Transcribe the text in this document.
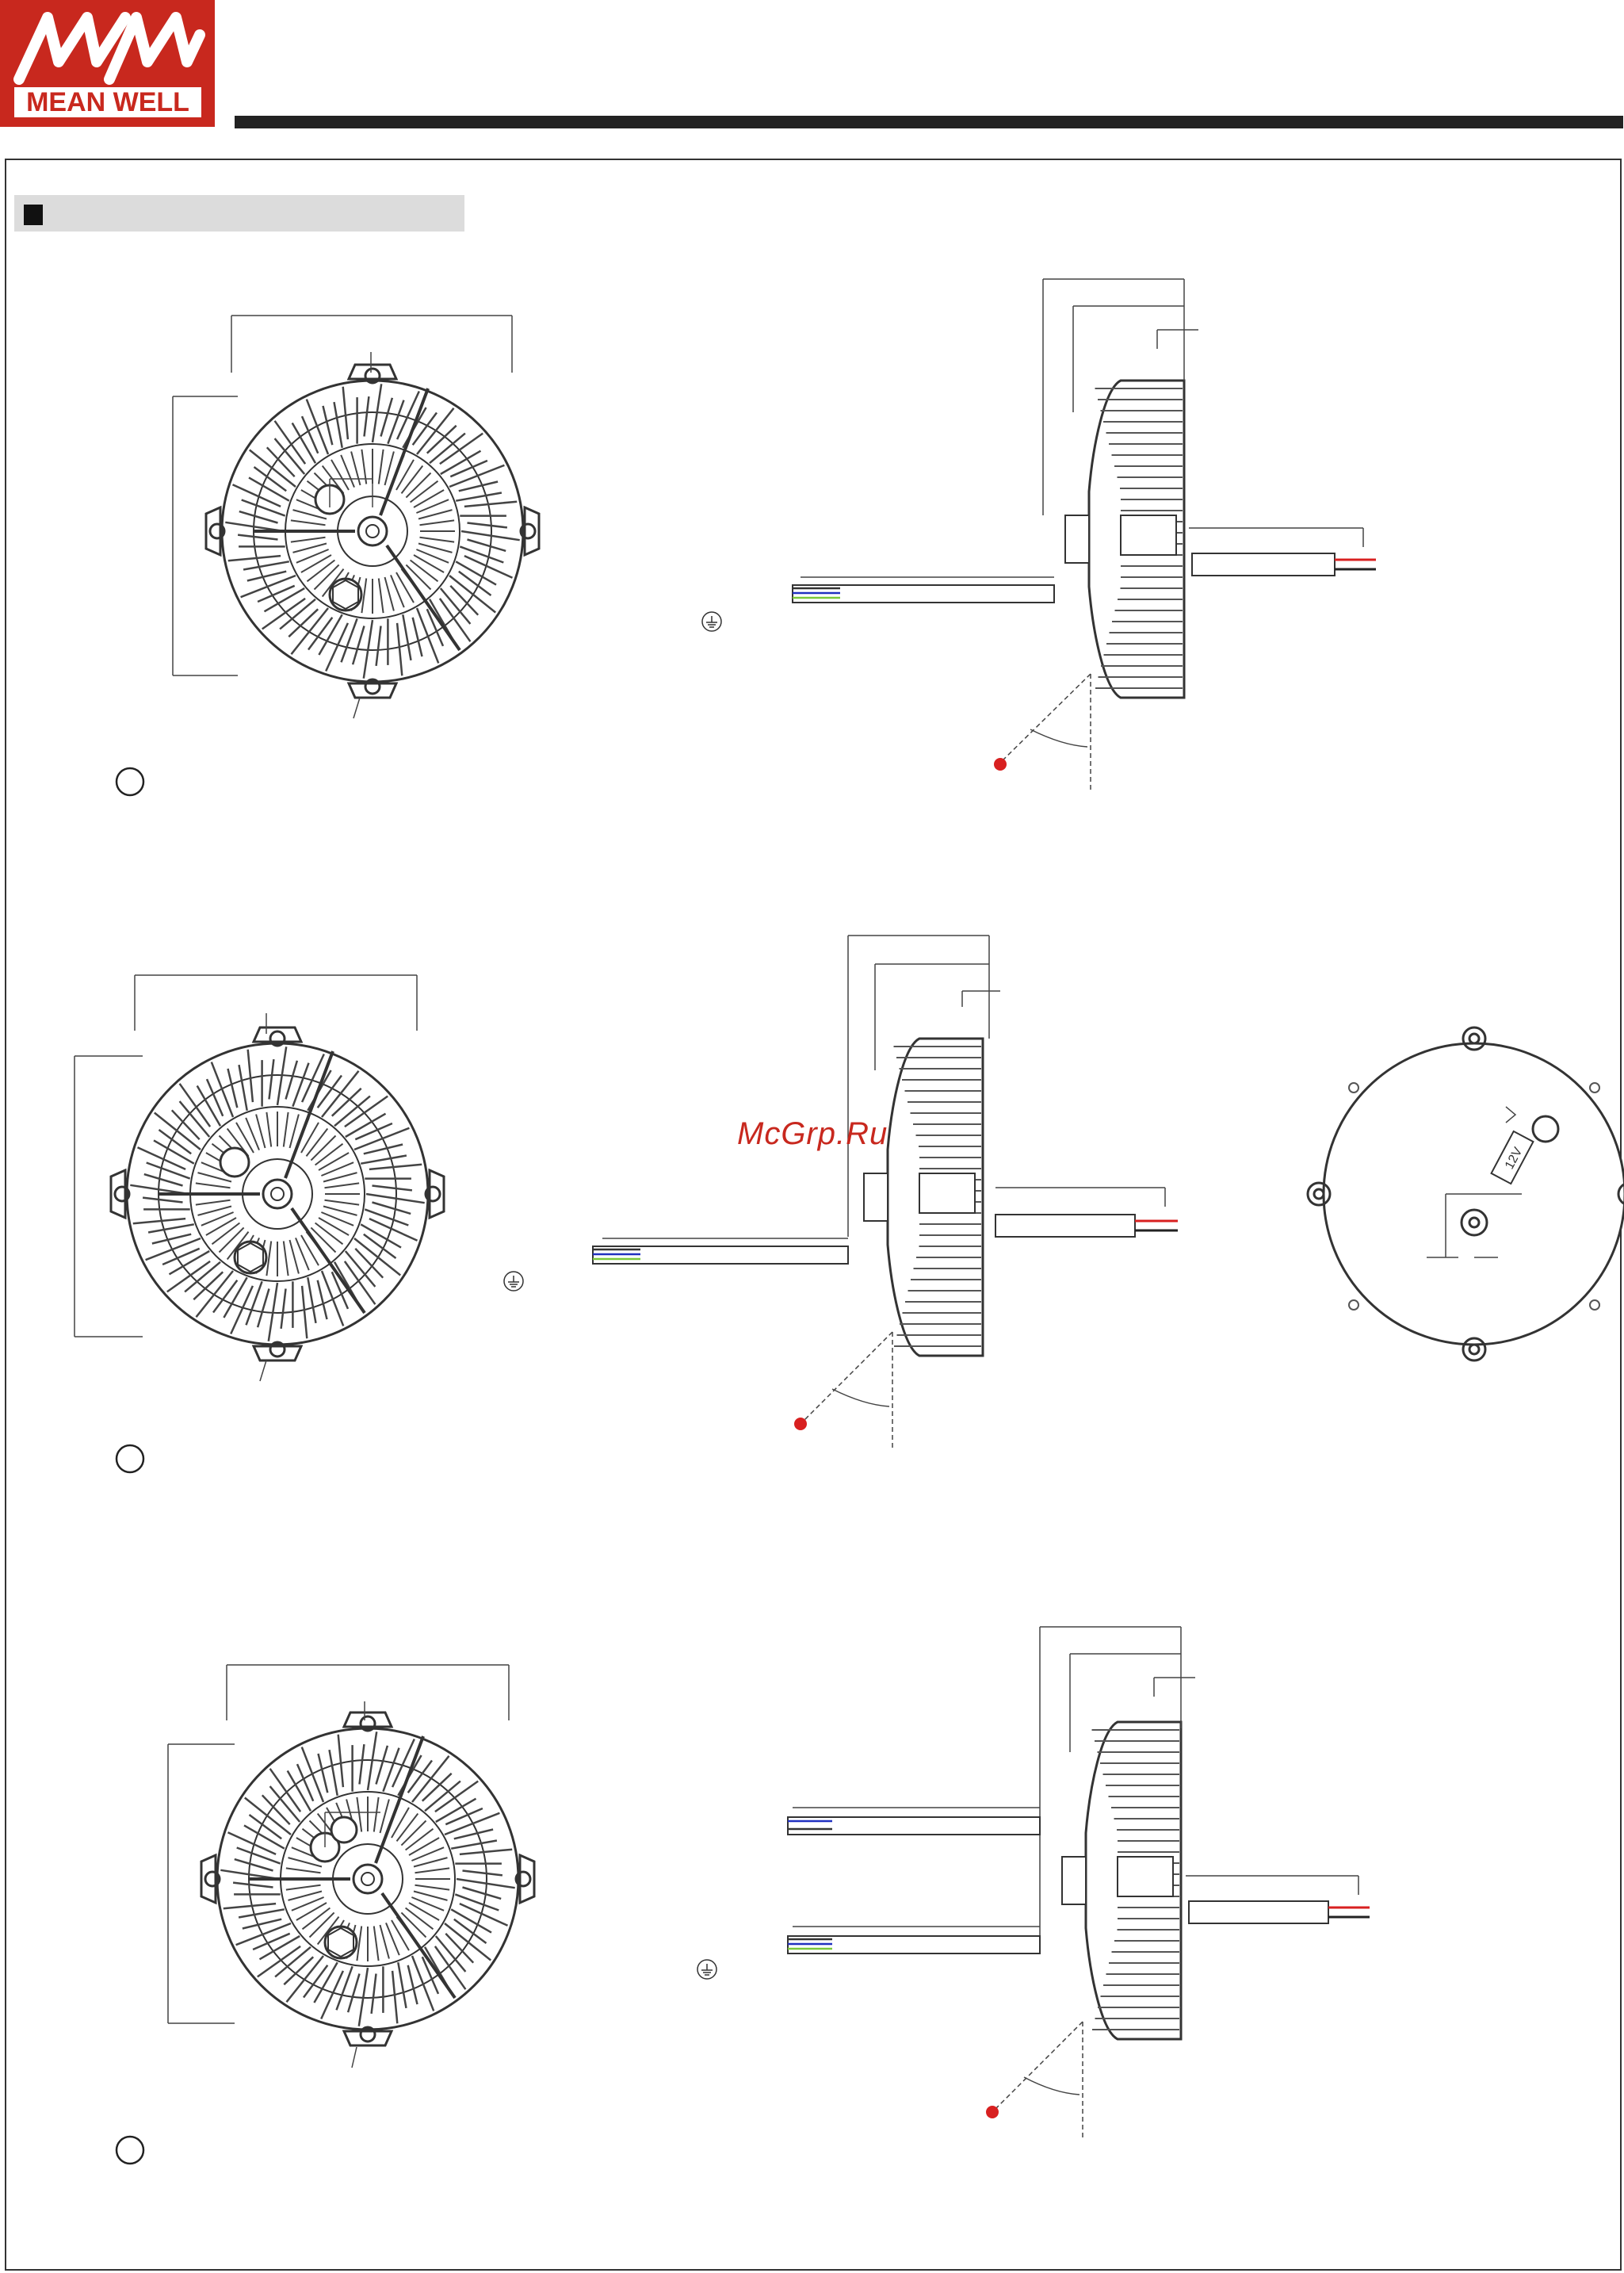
MEAN WELL
12V
McGrp.Ru
